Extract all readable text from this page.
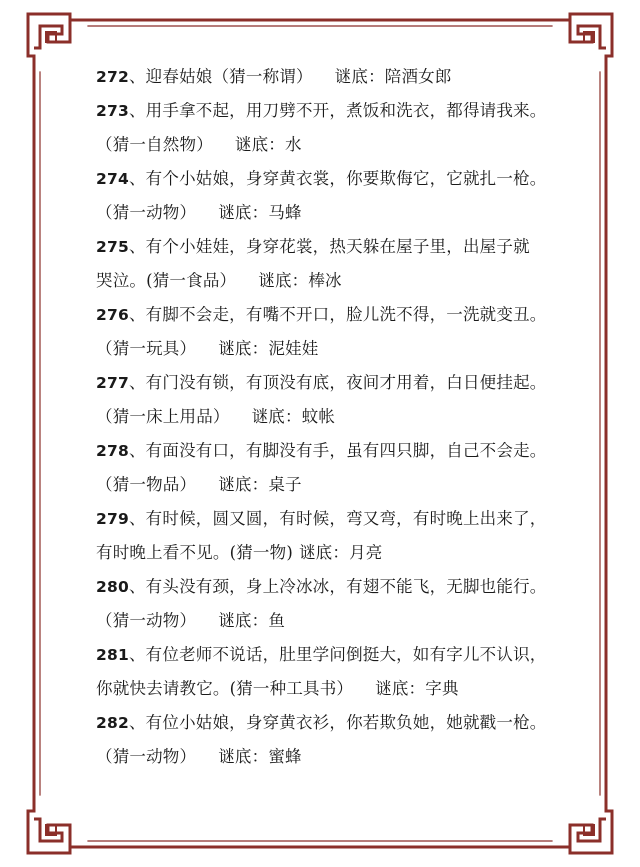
272、迎春姑娘（猜一称谓） 谜底：陪酒女郎
273、用手拿不起，用刀劈不开，煮饭和洗衣，都得请我来。
（猜一自然物） 谜底：水
274、有个小姑娘，身穿黄衣裳，你要欺侮它，它就扎一枪。
（猜一动物） 谜底：马蜂
275、有个小娃娃，身穿花裳，热天躲在屋子里，出屋子就
哭泣。(猜一食品） 谜底：棒冰
276、有脚不会走，有嘴不开口，脸儿洗不得，一洗就变丑。
（猜一玩具） 谜底：泥娃娃
277、有门没有锁，有顶没有底，夜间才用着，白日便挂起。
（猜一床上用品） 谜底：蚊帐
278、有面没有口，有脚没有手，虽有四只脚，自己不会走。
（猜一物品） 谜底：桌子
279、有时候，圆又圆，有时候，弯又弯，有时晚上出来了，
有时晚上看不见。(猜一物) 谜底：月亮
280、有头没有颈，身上冷冰冰，有翅不能飞，无脚也能行。
（猜一动物） 谜底：鱼
281、有位老师不说话，肚里学问倒挺大，如有字儿不认识，
你就快去请教它。(猜一种工具书） 谜底：字典
282、有位小姑娘，身穿黄衣衫，你若欺负她，她就戳一枪。
（猜一动物） 谜底：蜜蜂
